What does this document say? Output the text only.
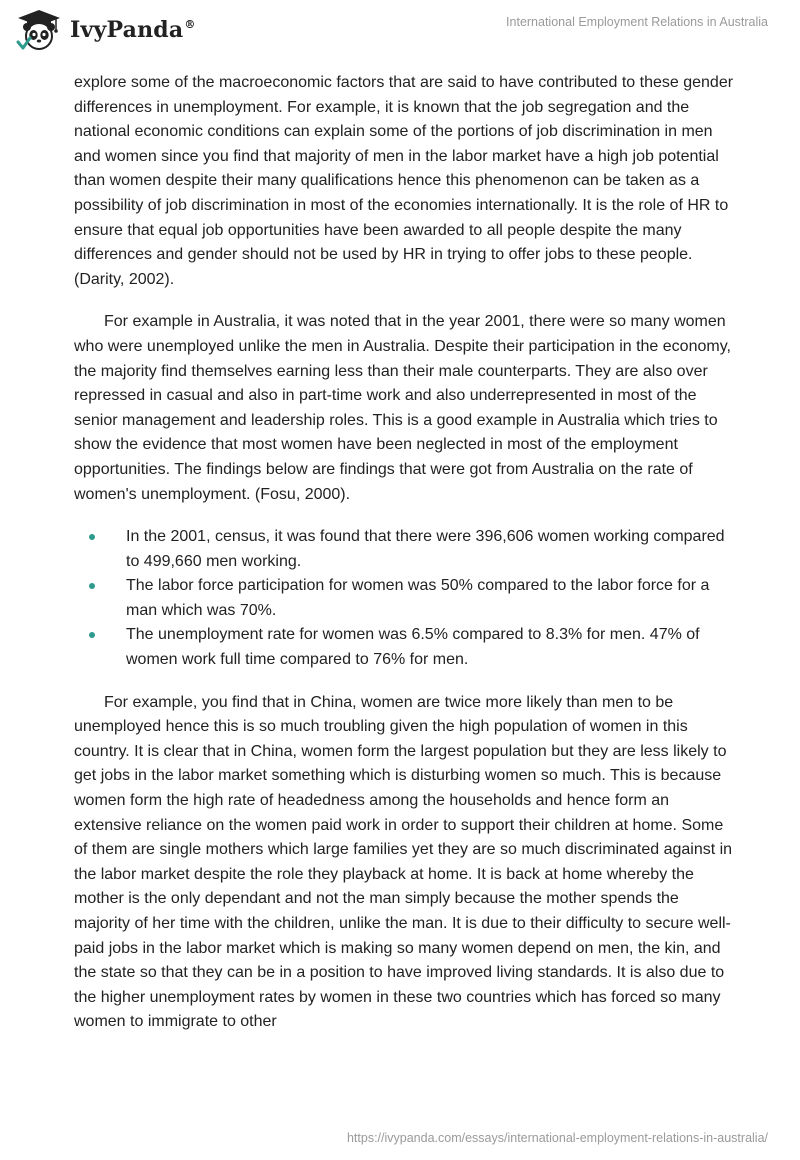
IvyPanda®	International Employment Relations in Australia

explore some of the macroeconomic factors that are said to have contributed to these gender differences in unemployment. For example, it is known that the job segregation and the national economic conditions can explain some of the portions of job discrimination in men and women since you find that majority of men in the labor market have a high job potential than women despite their many qualifications hence this phenomenon can be taken as a possibility of job discrimination in most of the economies internationally. It is the role of HR to ensure that equal job opportunities have been awarded to all people despite the many differences and gender should not be used by HR in trying to offer jobs to these people. (Darity, 2002).

For example in Australia, it was noted that in the year 2001, there were so many women who were unemployed unlike the men in Australia. Despite their participation in the economy, the majority find themselves earning less than their male counterparts. They are also over repressed in casual and also in part-time work and also underrepresented in most of the senior management and leadership roles. This is a good example in Australia which tries to show the evidence that most women have been neglected in most of the employment opportunities. The findings below are findings that were got from Australia on the rate of women's unemployment. (Fosu, 2000).

In the 2001, census, it was found that there were 396,606 women working compared to 499,660 men working.
The labor force participation for women was 50% compared to the labor force for a man which was 70%.
The unemployment rate for women was 6.5% compared to 8.3% for men. 47% of women work full time compared to 76% for men.

For example, you find that in China, women are twice more likely than men to be unemployed hence this is so much troubling given the high population of women in this country. It is clear that in China, women form the largest population but they are less likely to get jobs in the labor market something which is disturbing women so much. This is because women form the high rate of headedness among the households and hence form an extensive reliance on the women paid work in order to support their children at home. Some of them are single mothers which large families yet they are so much discriminated against in the labor market despite the role they playback at home. It is back at home whereby the mother is the only dependant and not the man simply because the mother spends the majority of her time with the children, unlike the man. It is due to their difficulty to secure well-paid jobs in the labor market which is making so many women depend on men, the kin, and the state so that they can be in a position to have improved living standards. It is also due to the higher unemployment rates by women in these two countries which has forced so many women to immigrate to other

https://ivypanda.com/essays/international-employment-relations-in-australia/
